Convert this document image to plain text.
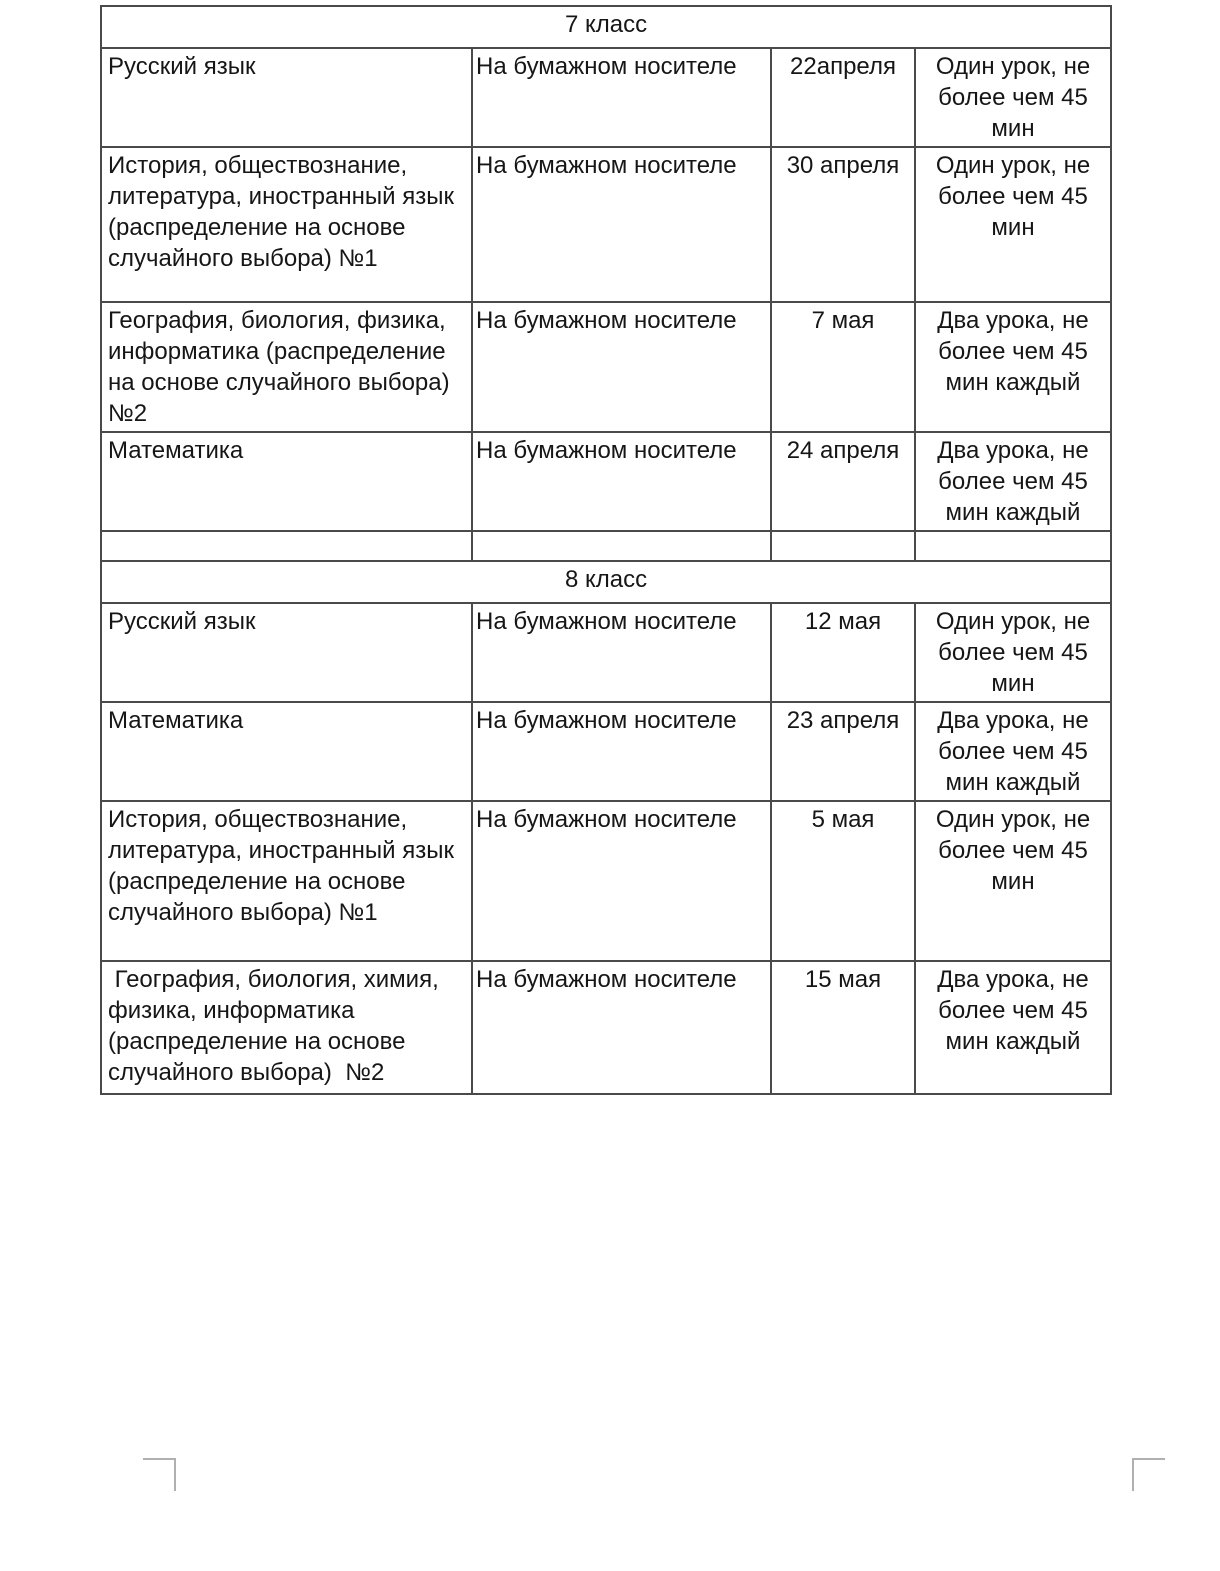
7 класс			
Русский язык	На бумажном носителе	22апреля	Один урок, не более чем 45 мин
История, обществознание, литература, иностранный язык (распределение на основе случайного выбора) №1	На бумажном носителе	30 апреля	Один урок, не более чем 45 мин
География, биология, физика, информатика (распределение на основе случайного выбора)  №2	На бумажном носителе	7 мая	Два урока, не более чем 45 мин каждый
Математика	На бумажном носителе	24 апреля	Два урока, не более чем 45 мин каждый

8 класс			
Русский язык	На бумажном носителе	12 мая	Один урок, не более чем 45 мин
Математика	На бумажном носителе	23 апреля	Два урока, не более чем 45 мин каждый
История, обществознание, литература, иностранный язык (распределение на основе случайного выбора) №1	На бумажном носителе	5 мая	Один урок, не более чем 45 мин
География, биология, химия, физика, информатика (распределение на основе случайного выбора)  №2	На бумажном носителе	15 мая	Два урока, не более чем 45 мин каждый
